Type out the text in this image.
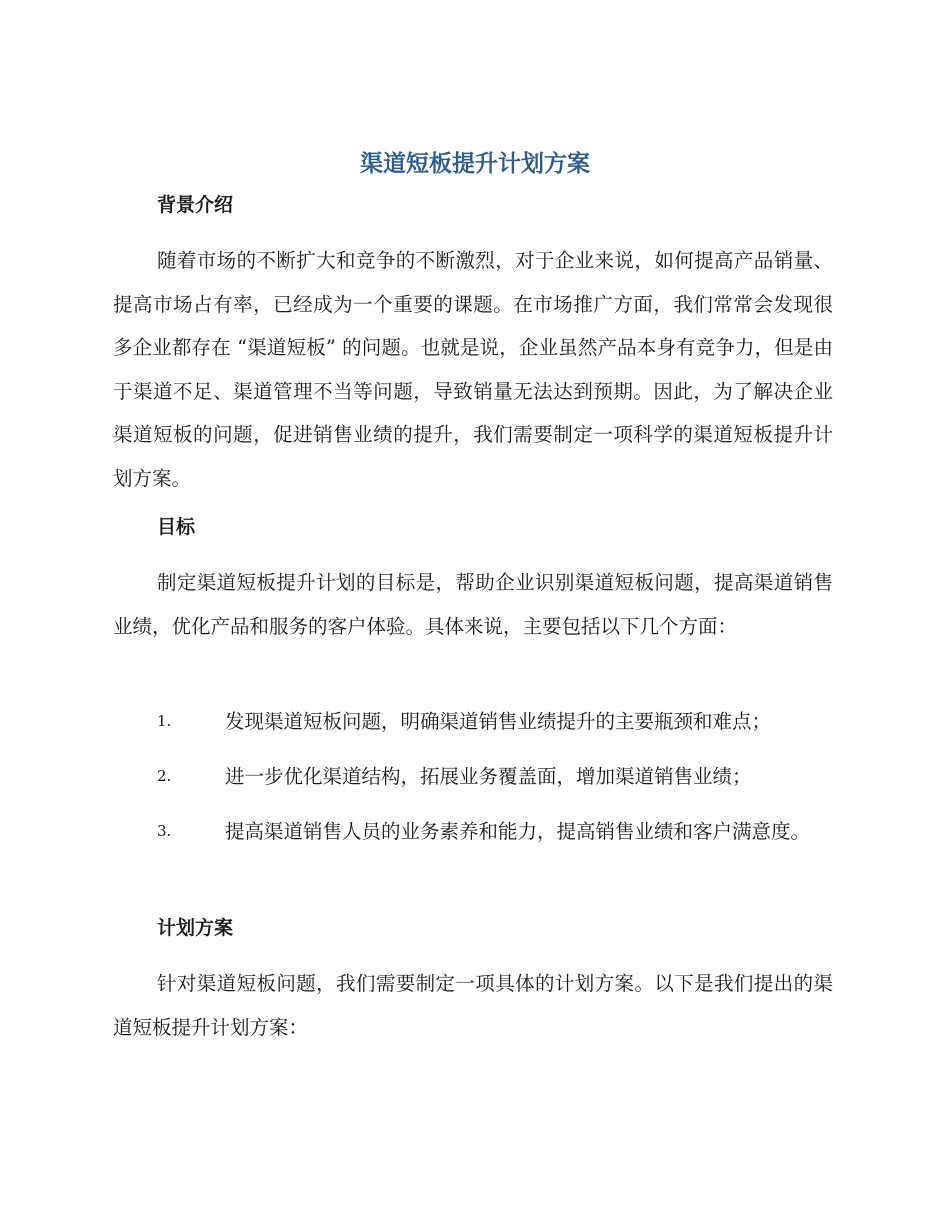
渠道短板提升计划方案
背景介绍

随着市场的不断扩大和竞争的不断激烈，对于企业来说，如何提高产品销量、提高市场占有率，已经成为一个重要的课题。在市场推广方面，我们常常会发现很多企业都存在 “渠道短板” 的问题。也就是说，企业虽然产品本身有竞争力，但是由于渠道不足、渠道管理不当等问题，导致销量无法达到预期。因此，为了解决企业渠道短板的问题，促进销售业绩的提升，我们需要制定一项科学的渠道短板提升计划方案。

目标

制定渠道短板提升计划的目标是，帮助企业识别渠道短板问题，提高渠道销售业绩，优化产品和服务的客户体验。具体来说，主要包括以下几个方面：

1.	发现渠道短板问题，明确渠道销售业绩提升的主要瓶颈和难点；
2.	进一步优化渠道结构，拓展业务覆盖面，增加渠道销售业绩；
3.	提高渠道销售人员的业务素养和能力，提高销售业绩和客户满意度。
计划方案

针对渠道短板问题，我们需要制定一项具体的计划方案。以下是我们提出的渠道短板提升计划方案：
